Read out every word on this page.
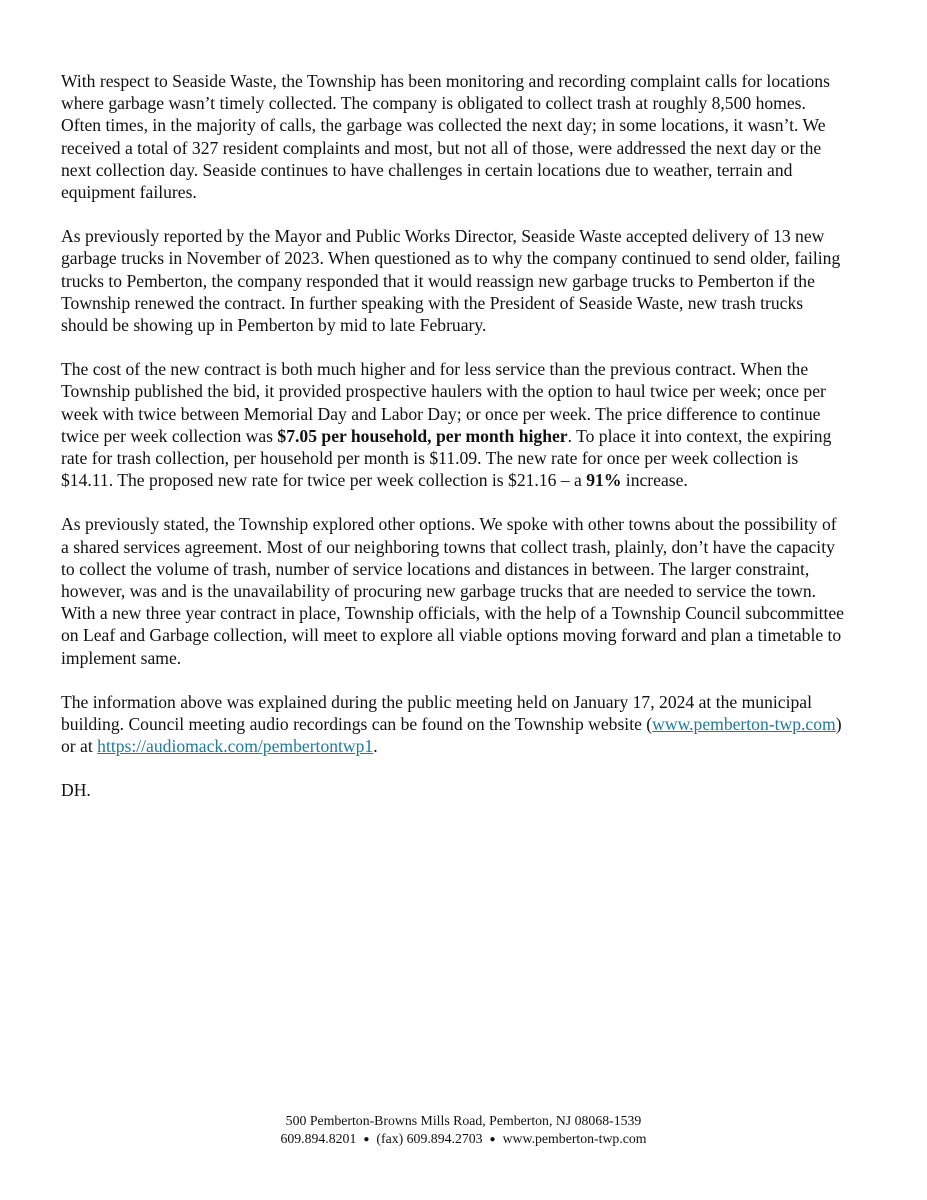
With respect to Seaside Waste, the Township has been monitoring and recording complaint calls for locations
where garbage wasn’t timely collected. The company is obligated to collect trash at roughly 8,500 homes.
Often times, in the majority of calls, the garbage was collected the next day; in some locations, it wasn’t. We
received a total of 327 resident complaints and most, but not all of those, were addressed the next day or the
next collection day. Seaside continues to have challenges in certain locations due to weather, terrain and
equipment failures.

As previously reported by the Mayor and Public Works Director, Seaside Waste accepted delivery of 13 new
garbage trucks in November of 2023. When questioned as to why the company continued to send older, failing
trucks to Pemberton, the company responded that it would reassign new garbage trucks to Pemberton if the
Township renewed the contract. In further speaking with the President of Seaside Waste, new trash trucks
should be showing up in Pemberton by mid to late February.

The cost of the new contract is both much higher and for less service than the previous contract. When the
Township published the bid, it provided prospective haulers with the option to haul twice per week; once per
week with twice between Memorial Day and Labor Day; or once per week. The price difference to continue
twice per week collection was $7.05 per household, per month higher. To place it into context, the expiring
rate for trash collection, per household per month is $11.09. The new rate for once per week collection is
$14.11. The proposed new rate for twice per week collection is $21.16 – a 91% increase.

As previously stated, the Township explored other options. We spoke with other towns about the possibility of
a shared services agreement. Most of our neighboring towns that collect trash, plainly, don’t have the capacity
to collect the volume of trash, number of service locations and distances in between. The larger constraint,
however, was and is the unavailability of procuring new garbage trucks that are needed to service the town.
With a new three year contract in place, Township officials, with the help of a Township Council subcommittee
on Leaf and Garbage collection, will meet to explore all viable options moving forward and plan a timetable to
implement same.

The information above was explained during the public meeting held on January 17, 2024 at the municipal
building. Council meeting audio recordings can be found on the Township website (www.pemberton-twp.com)
or at https://audiomack.com/pembertontwp1.

DH.

500 Pemberton-Browns Mills Road, Pemberton, NJ 08068-1539
609.894.8201 ● (fax) 609.894.2703 ● www.pemberton-twp.com
